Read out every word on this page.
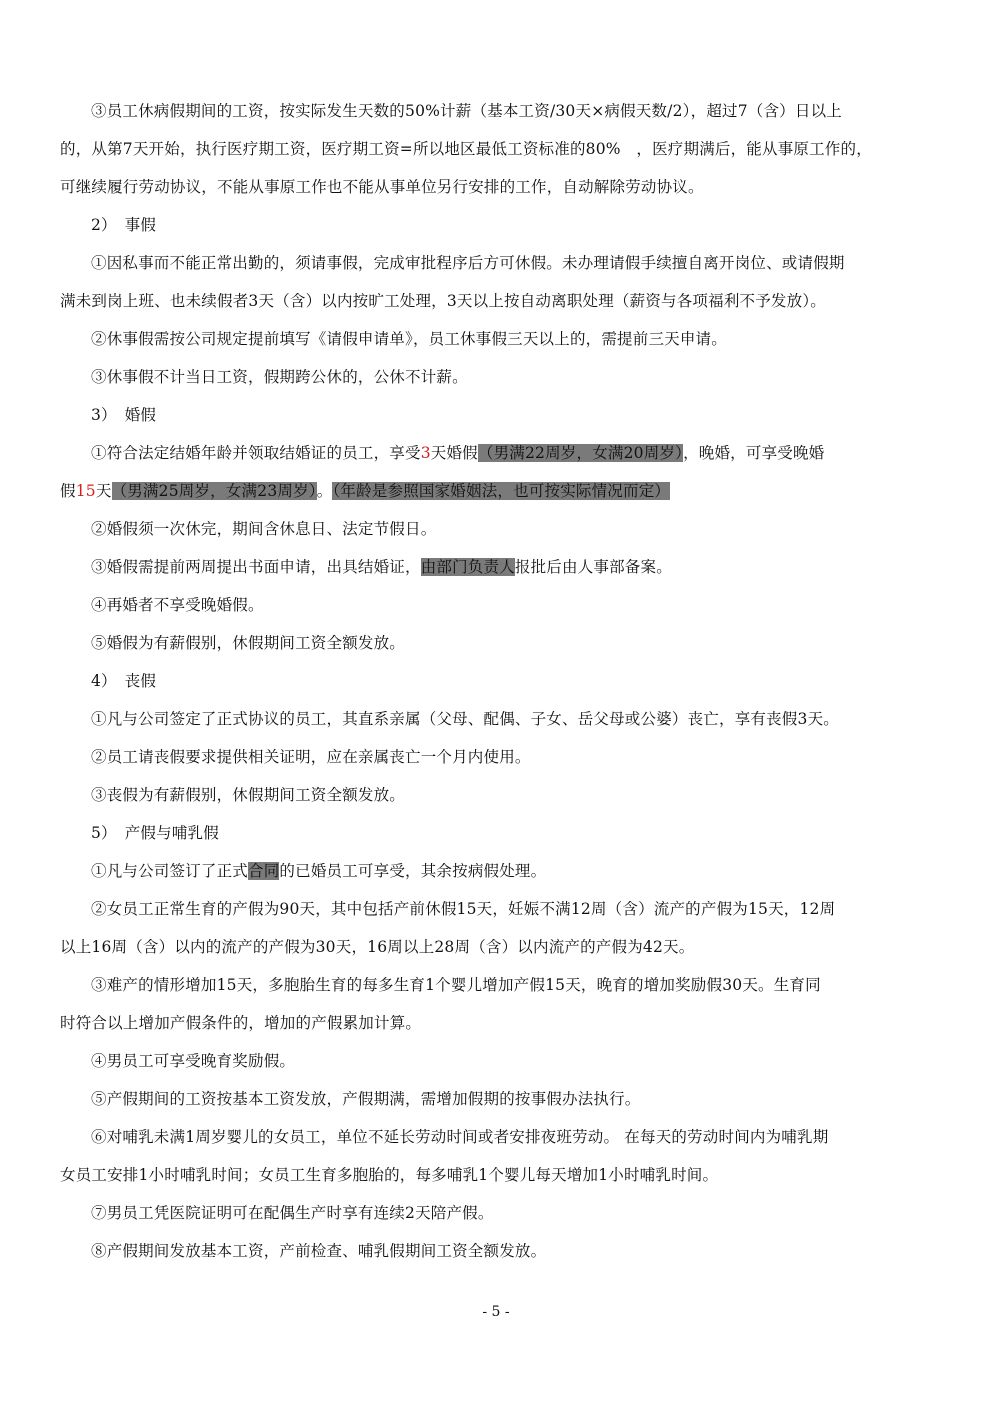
③员工休病假期间的工资，按实际发生天数的50%计薪（基本工资/30天×病假天数/2），超过7（含）日以上

的，从第7天开始，执行医疗期工资，医疗期工资=所以地区最低工资标准的80%　，医疗期满后，能从事原工作的，

可继续履行劳动协议，不能从事原工作也不能从事单位另行安排的工作，自动解除劳动协议。

2）　事假

①因私事而不能正常出勤的，须请事假，完成审批程序后方可休假。未办理请假手续擅自离开岗位、或请假期

满未到岗上班、也未续假者3天（含）以内按旷工处理，3天以上按自动离职处理（薪资与各项福利不予发放）。

②休事假需按公司规定提前填写《请假申请单》，员工休事假三天以上的，需提前三天申请。

③休事假不计当日工资，假期跨公休的，公休不计薪。

3）　婚假

①符合法定结婚年龄并领取结婚证的员工，享受3天婚假（男满22周岁，女满20周岁），晚婚，可享受晚婚

假15天（男满25周岁，女满23周岁）。（年龄是参照国家婚姻法，也可按实际情况而定）

②婚假须一次休完，期间含休息日、法定节假日。

③婚假需提前两周提出书面申请，出具结婚证，由部门负责人报批后由人事部备案。

④再婚者不享受晚婚假。

⑤婚假为有薪假别，休假期间工资全额发放。

4）　丧假

①凡与公司签定了正式协议的员工，其直系亲属（父母、配偶、子女、岳父母或公婆）丧亡，享有丧假3天。

②员工请丧假要求提供相关证明，应在亲属丧亡一个月内使用。

③丧假为有薪假别，休假期间工资全额发放。

5）　产假与哺乳假

①凡与公司签订了正式合同的已婚员工可享受，其余按病假处理。

②女员工正常生育的产假为90天，其中包括产前休假15天，妊娠不满12周（含）流产的产假为15天，12周

以上16周（含）以内的流产的产假为30天，16周以上28周（含）以内流产的产假为42天。

③难产的情形增加15天，多胞胎生育的每多生育1个婴儿增加产假15天，晚育的增加奖励假30天。生育同

时符合以上增加产假条件的，增加的产假累加计算。

④男员工可享受晚育奖励假。

⑤产假期间的工资按基本工资发放，产假期满，需增加假期的按事假办法执行。

⑥对哺乳未满1周岁婴儿的女员工，单位不延长劳动时间或者安排夜班劳动。 在每天的劳动时间内为哺乳期

女员工安排1小时哺乳时间；女员工生育多胞胎的，每多哺乳1个婴儿每天增加1小时哺乳时间。

⑦男员工凭医院证明可在配偶生产时享有连续2天陪产假。

⑧产假期间发放基本工资，产前检查、哺乳假期间工资全额发放。

- 5 -
